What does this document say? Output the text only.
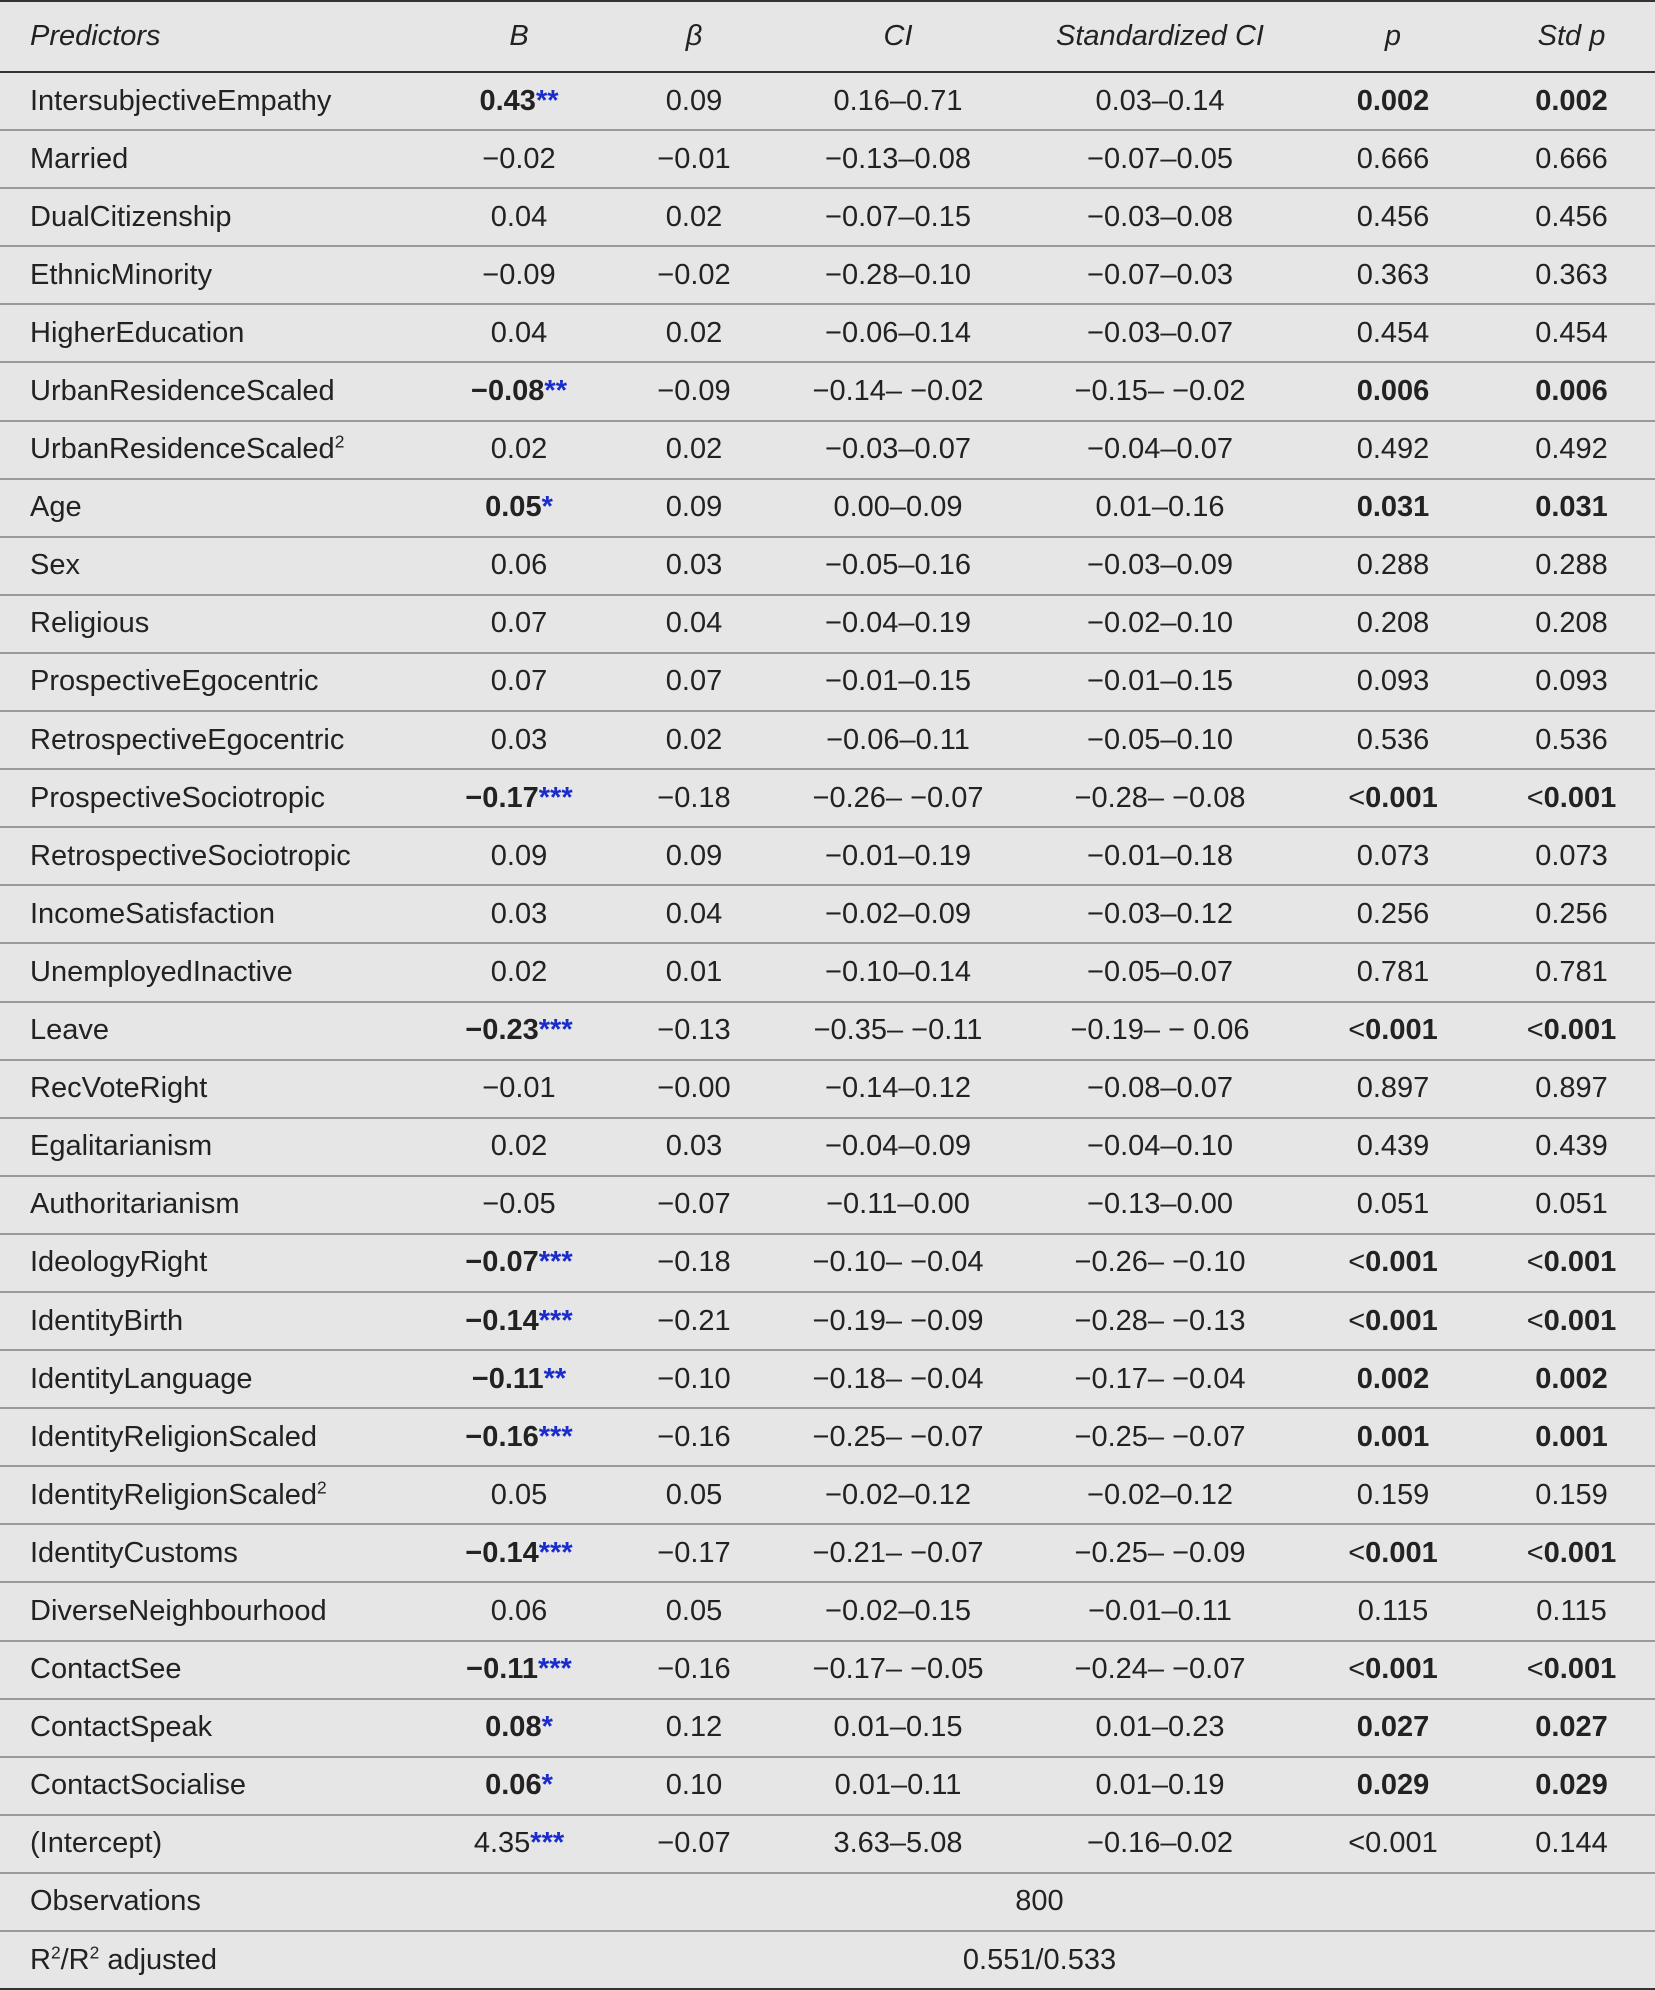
Predictors	B	β	CI	Standardized CI	p	Std p
IntersubjectiveEmpathy	0.43**	0.09	0.16–0.71	0.03–0.14	0.002	0.002
Married	−0.02	−0.01	−0.13–0.08	−0.07–0.05	0.666	0.666
DualCitizenship	0.04	0.02	−0.07–0.15	−0.03–0.08	0.456	0.456
EthnicMinority	−0.09	−0.02	−0.28–0.10	−0.07–0.03	0.363	0.363
HigherEducation	0.04	0.02	−0.06–0.14	−0.03–0.07	0.454	0.454
UrbanResidenceScaled	−0.08**	−0.09	−0.14– −0.02	−0.15– −0.02	0.006	0.006
UrbanResidenceScaled$^2$	0.02	0.02	−0.03–0.07	−0.04–0.07	0.492	0.492
Age	0.05*	0.09	0.00–0.09	0.01–0.16	0.031	0.031
Sex	0.06	0.03	−0.05–0.16	−0.03–0.09	0.288	0.288
Religious	0.07	0.04	−0.04–0.19	−0.02–0.10	0.208	0.208
ProspectiveEgocentric	0.07	0.07	−0.01–0.15	−0.01–0.15	0.093	0.093
RetrospectiveEgocentric	0.03	0.02	−0.06–0.11	−0.05–0.10	0.536	0.536
ProspectiveSociotropic	−0.17***	−0.18	−0.26– −0.07	−0.28– −0.08	<0.001	<0.001
RetrospectiveSociotropic	0.09	0.09	−0.01–0.19	−0.01–0.18	0.073	0.073
IncomeSatisfaction	0.03	0.04	−0.02–0.09	−0.03–0.12	0.256	0.256
UnemployedInactive	0.02	0.01	−0.10–0.14	−0.05–0.07	0.781	0.781
Leave	−0.23***	−0.13	−0.35– −0.11	−0.19– − 0.06	<0.001	<0.001
RecVoteRight	−0.01	−0.00	−0.14–0.12	−0.08–0.07	0.897	0.897
Egalitarianism	0.02	0.03	−0.04–0.09	−0.04–0.10	0.439	0.439
Authoritarianism	−0.05	−0.07	−0.11–0.00	−0.13–0.00	0.051	0.051
IdeologyRight	−0.07***	−0.18	−0.10– −0.04	−0.26– −0.10	<0.001	<0.001
IdentityBirth	−0.14***	−0.21	−0.19– −0.09	−0.28– −0.13	<0.001	<0.001
IdentityLanguage	−0.11**	−0.10	−0.18– −0.04	−0.17– −0.04	0.002	0.002
IdentityReligionScaled	−0.16***	−0.16	−0.25– −0.07	−0.25– −0.07	0.001	0.001
IdentityReligionScaled$^2$	0.05	0.05	−0.02–0.12	−0.02–0.12	0.159	0.159
IdentityCustoms	−0.14***	−0.17	−0.21– −0.07	−0.25– −0.09	<0.001	<0.001
DiverseNeighbourhood	0.06	0.05	−0.02–0.15	−0.01–0.11	0.115	0.115
ContactSee	−0.11***	−0.16	−0.17– −0.05	−0.24– −0.07	<0.001	<0.001
ContactSpeak	0.08*	0.12	0.01–0.15	0.01–0.23	0.027	0.027
ContactSocialise	0.06*	0.10	0.01–0.11	0.01–0.19	0.029	0.029
(Intercept)	4.35***	−0.07	3.63–5.08	−0.16–0.02	<0.001	0.144
Observations	800					
$R^2/R^2$ adjusted	0.551/0.533					
